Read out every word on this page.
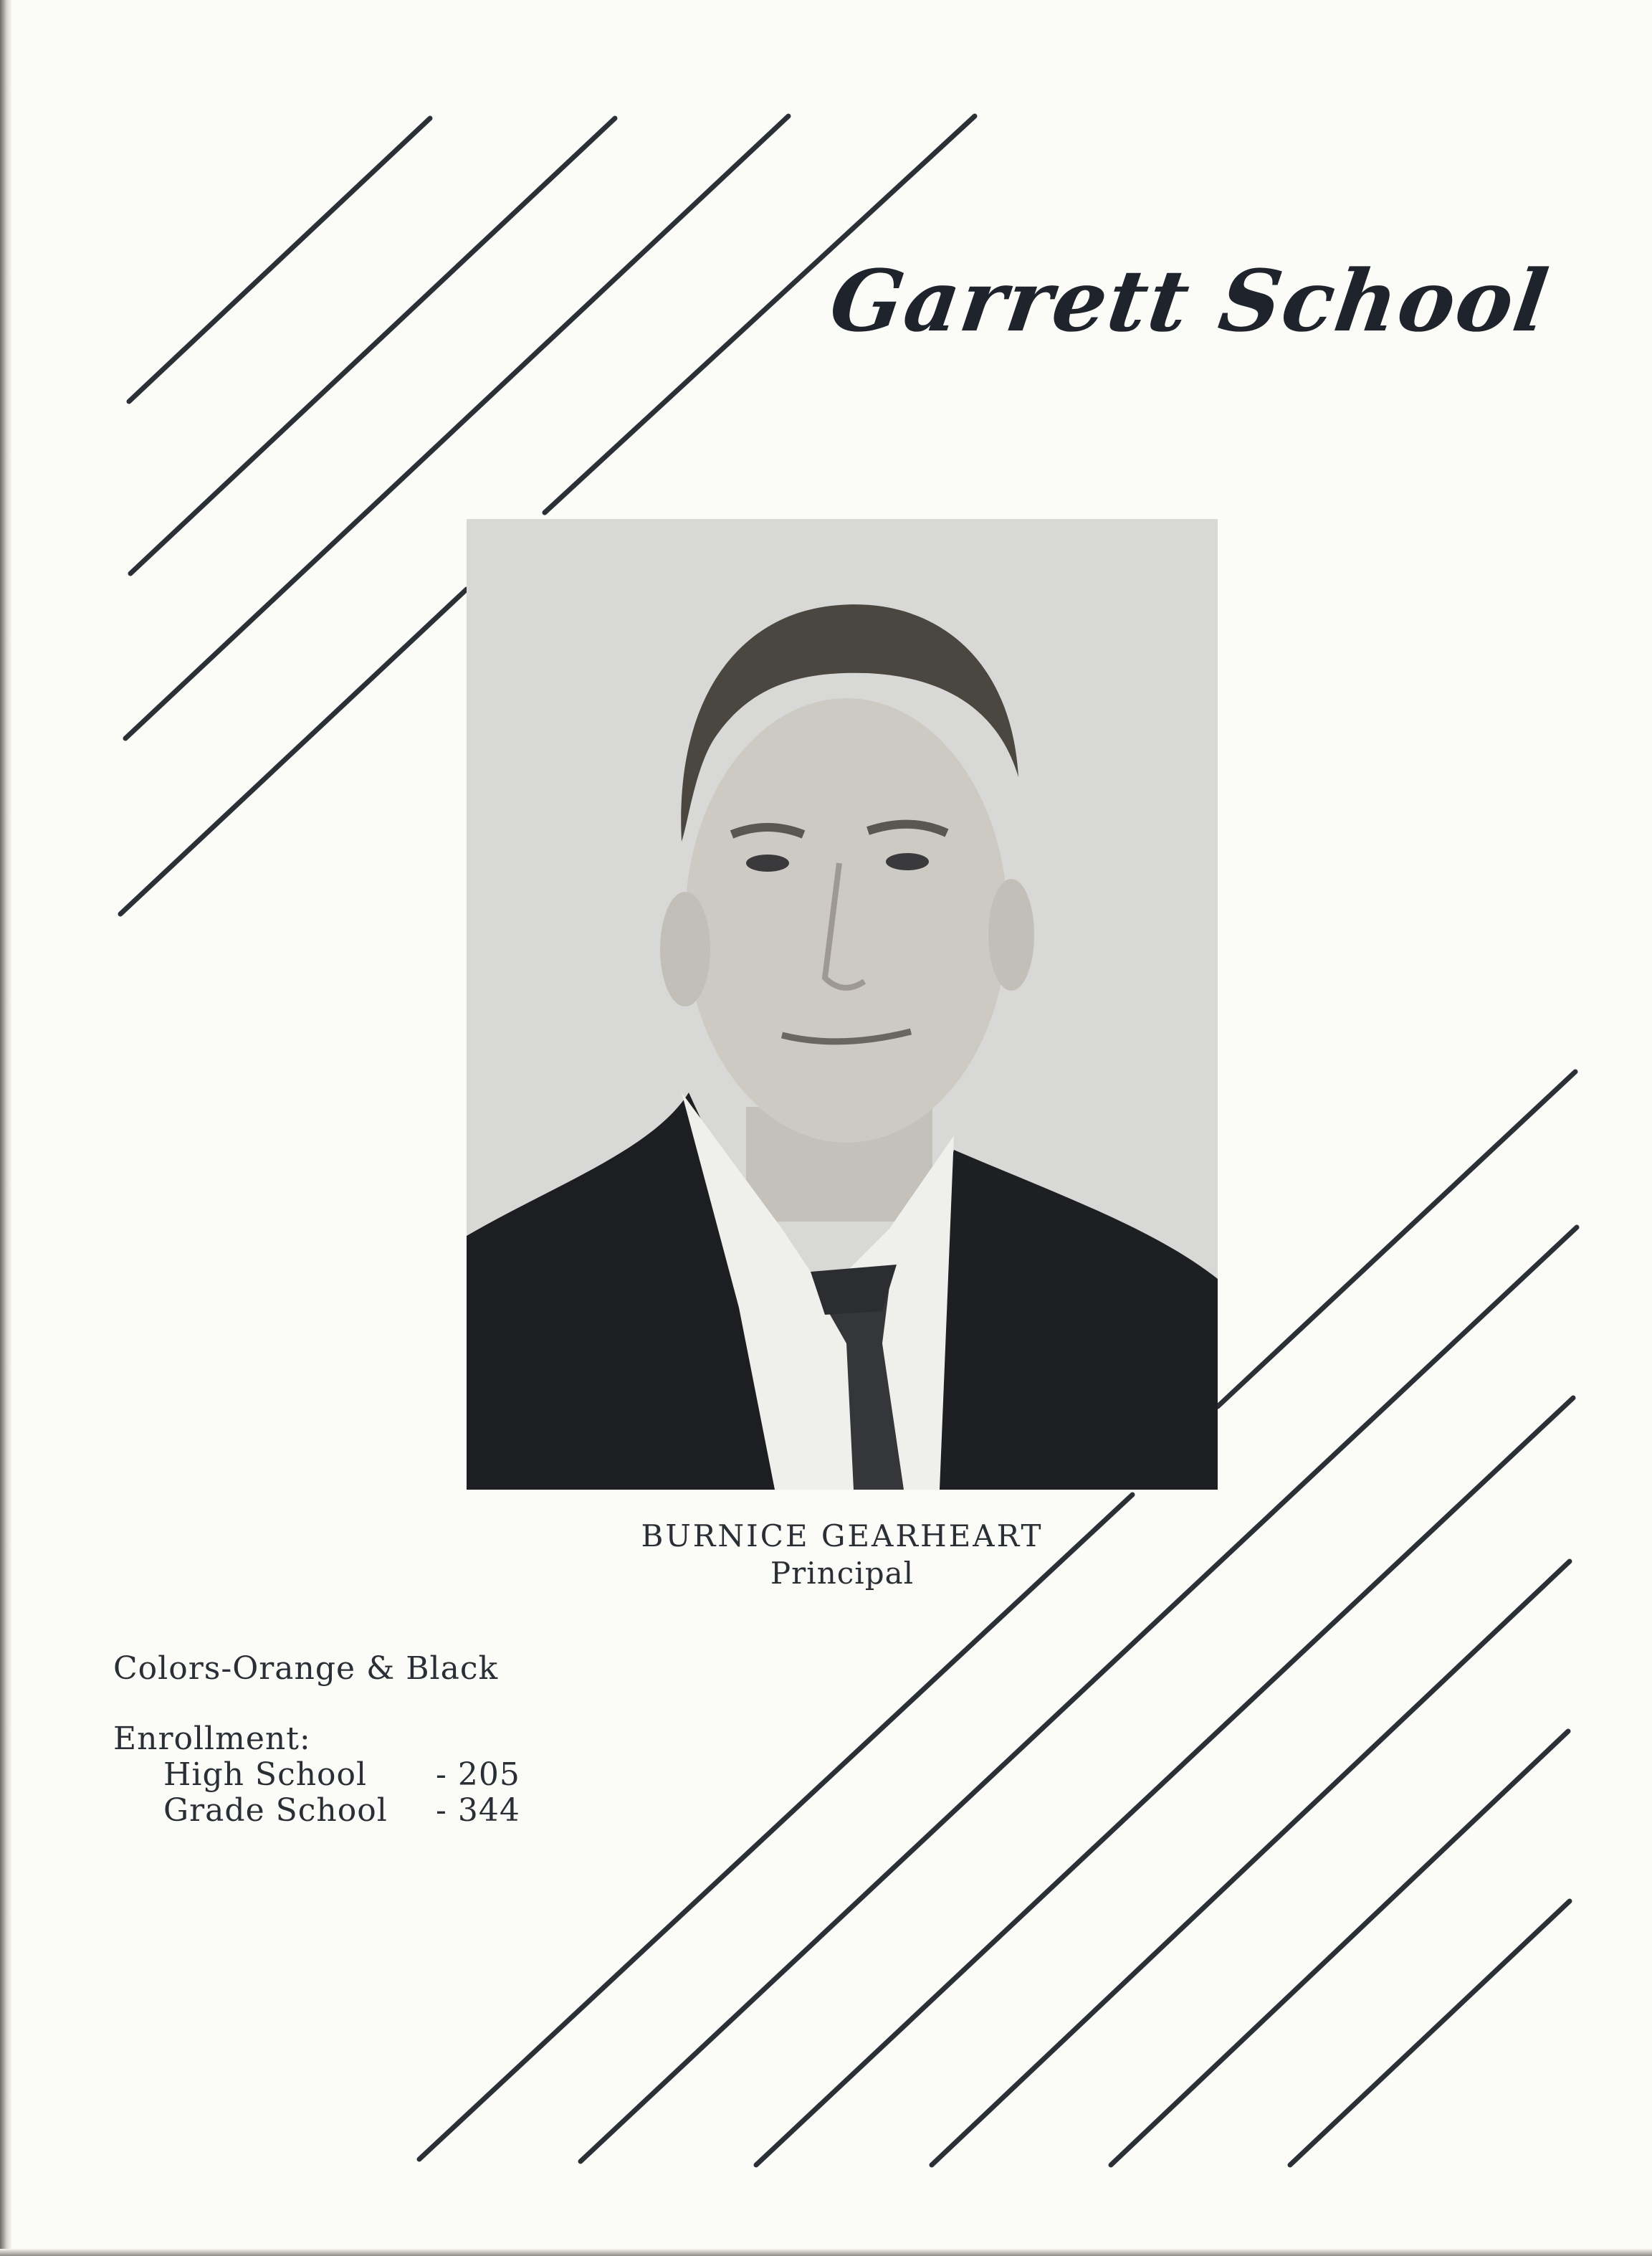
Garrett School
BURNICE GEARHEART
Principal
Colors-Orange & Black
Enrollment:
High School - 205
Grade School - 344
